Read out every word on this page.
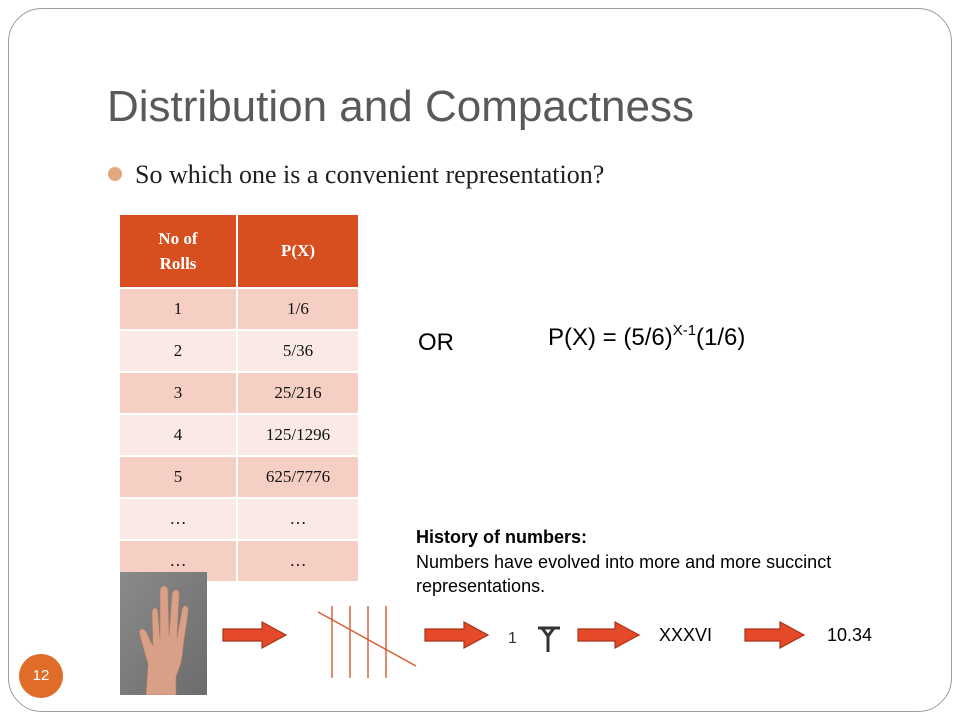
Distribution and Compactness
So which one is a convenient representation?
No of Rolls	P(X)
1	1/6
2	5/36
3	25/216
4	125/1296
5	625/7776
…	…
…	…
OR	$P(X) = (5/6)^{X-1}(1/6)$
History of numbers:
Numbers have evolved into more and more succinct representations.
1	XXXVI	10.34
12
